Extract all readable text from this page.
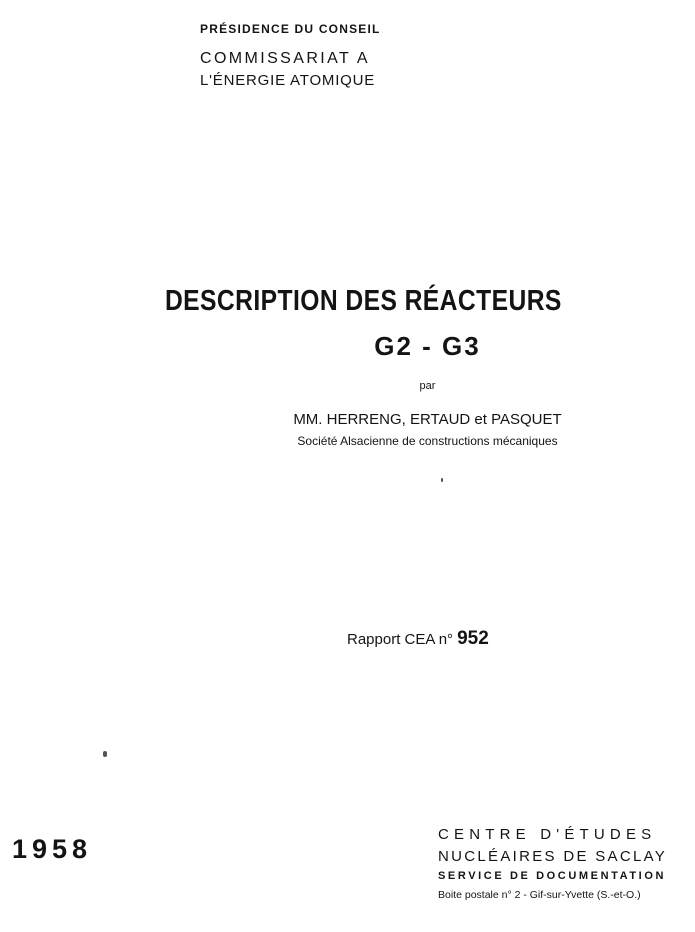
PRÉSIDENCE DU CONSEIL
COMMISSARIAT A
L'ÉNERGIE ATOMIQUE
DESCRIPTION DES RÉACTEURS
G2 - G3
par
MM. HERRENG, ERTAUD et PASQUET
Société Alsacienne de constructions mécaniques
Rapport CEA n° 952
1958	CENTRE D'ÉTUDES
NUCLÉAIRES DE SACLAY
SERVICE DE DOCUMENTATION
Boite postale n° 2 - Gif-sur-Yvette (S.-et-O.)
